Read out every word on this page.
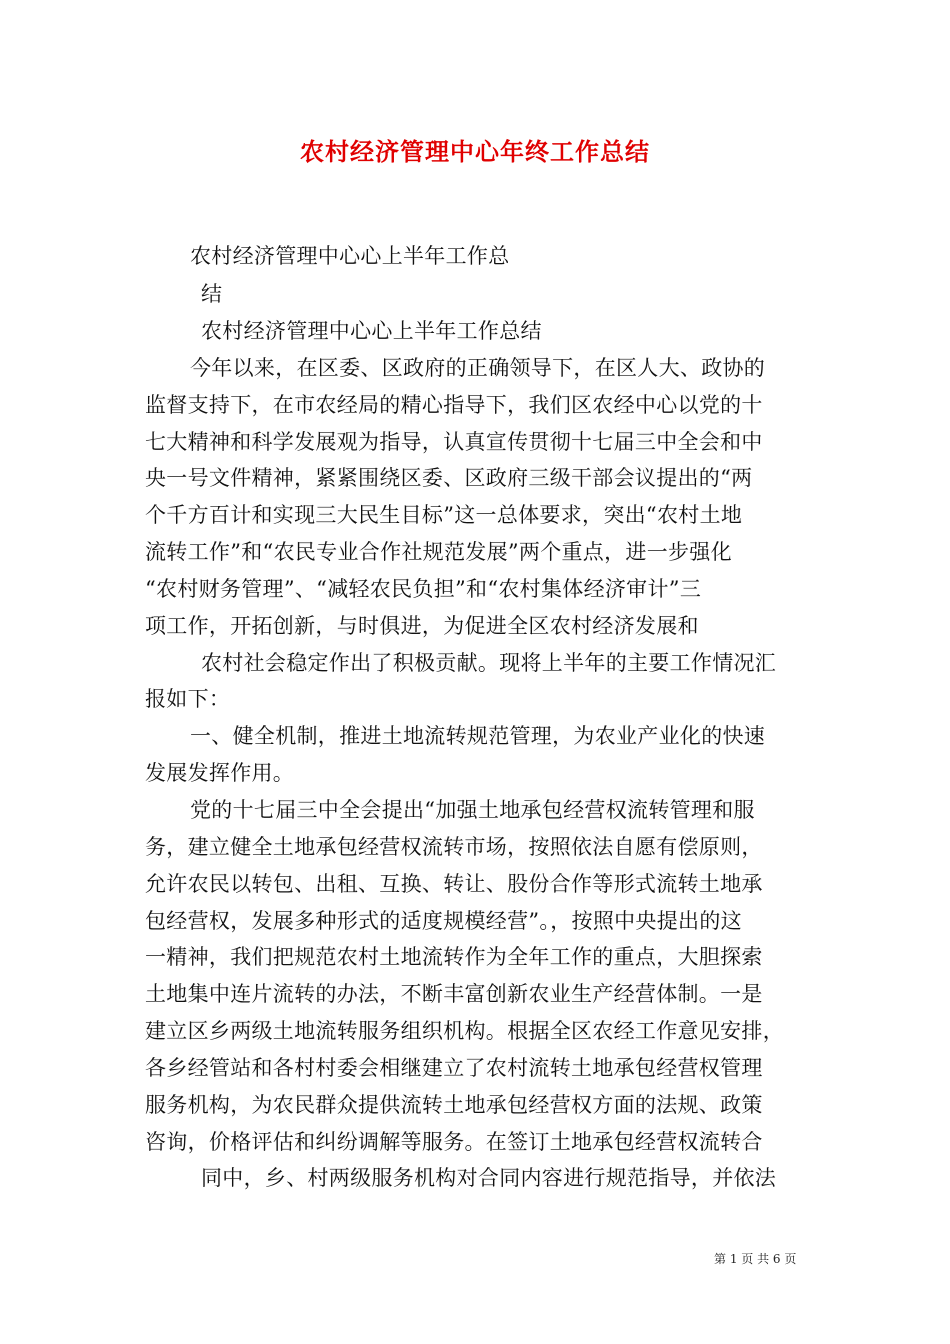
农村经济管理中心年终工作总结
农村经济管理中心心上半年工作总
结
农村经济管理中心心上半年工作总结
今年以来，在区委、区政府的正确领导下，在区人大、政协的
监督支持下，在市农经局的精心指导下，我们区农经中心以党的十
七大精神和科学发展观为指导，认真宣传贯彻十七届三中全会和中
央一号文件精神，紧紧围绕区委、区政府三级干部会议提出的“两
个千方百计和实现三大民生目标”这一总体要求，突出“农村土地
流转工作”和“农民专业合作社规范发展”两个重点，进一步强化
“农村财务管理”、“减轻农民负担”和“农村集体经济审计”三
项工作，开拓创新，与时俱进，为促进全区农村经济发展和
农村社会稳定作出了积极贡献。现将上半年的主要工作情况汇
报如下：
一、健全机制，推进土地流转规范管理，为农业产业化的快速
发展发挥作用。
党的十七届三中全会提出“加强土地承包经营权流转管理和服
务，建立健全土地承包经营权流转市场，按照依法自愿有偿原则，
允许农民以转包、出租、互换、转让、股份合作等形式流转土地承
包经营权，发展多种形式的适度规模经营”。，按照中央提出的这
一精神，我们把规范农村土地流转作为全年工作的重点，大胆探索
土地集中连片流转的办法，不断丰富创新农业生产经营体制。一是
建立区乡两级土地流转服务组织机构。根据全区农经工作意见安排，
各乡经管站和各村村委会相继建立了农村流转土地承包经营权管理
服务机构，为农民群众提供流转土地承包经营权方面的法规、政策
咨询，价格评估和纠纷调解等服务。在签订土地承包经营权流转合
同中，乡、村两级服务机构对合同内容进行规范指导，并依法
第 1 页 共 6 页
